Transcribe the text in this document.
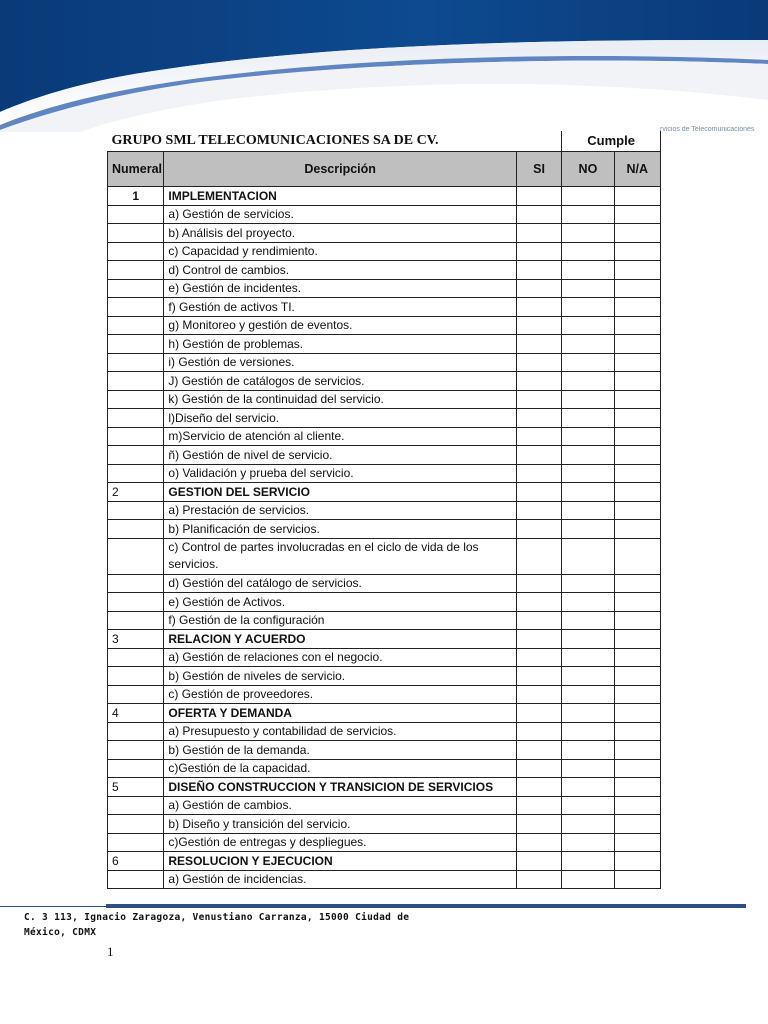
rvicios de Telecomunicaciones
GRUPO SML TELECOMUNICACIONES SA DE CV.			Cumple	
Numeral	Descripción	SI	NO	N/A
1	IMPLEMENTACION			
	a) Gestión de servicios.			
	b) Análisis del proyecto.			
	c) Capacidad y rendimiento.			
	d) Control de cambios.			
	e) Gestión de incidentes.			
	f) Gestión de activos TI.			
	g) Monitoreo y gestión de eventos.			
	h) Gestión de problemas.			
	i) Gestión de versiones.			
	J) Gestión de catálogos de servicios.			
	k) Gestión de la continuidad del servicio.			
	l)Diseño del servicio.			
	m)Servicio de atención al cliente.			
	ñ) Gestión de nivel de servicio.			
	o) Validación y prueba del servicio.			
2	GESTION DEL SERVICIO			
	a) Prestación de servicios.			
	b) Planificación de servicios.			
	c) Control de partes involucradas en el ciclo de vida de los servicios.			
	d) Gestión del catálogo de servicios.			
	e) Gestión de Activos.			
	f) Gestión de la configuración			
3	RELACION Y ACUERDO			
	a) Gestión de relaciones con el negocio.			
	b) Gestión de niveles de servicio.			
	c) Gestión de proveedores.			
4	OFERTA Y DEMANDA			
	a) Presupuesto y contabilidad de servicios.			
	b) Gestión de la demanda.			
	c)Gestión de la capacidad.			
5	DISEÑO CONSTRUCCION Y TRANSICION DE SERVICIOS			
	a) Gestión de cambios.			
	b) Diseño y transición del servicio.			
	c)Gestión de entregas y despliegues.			
6	RESOLUCION Y EJECUCION			
	a) Gestión de incidencias.			
C. 3 113, Ignacio Zaragoza, Venustiano Carranza, 15000 Ciudad de
México, CDMX
1
